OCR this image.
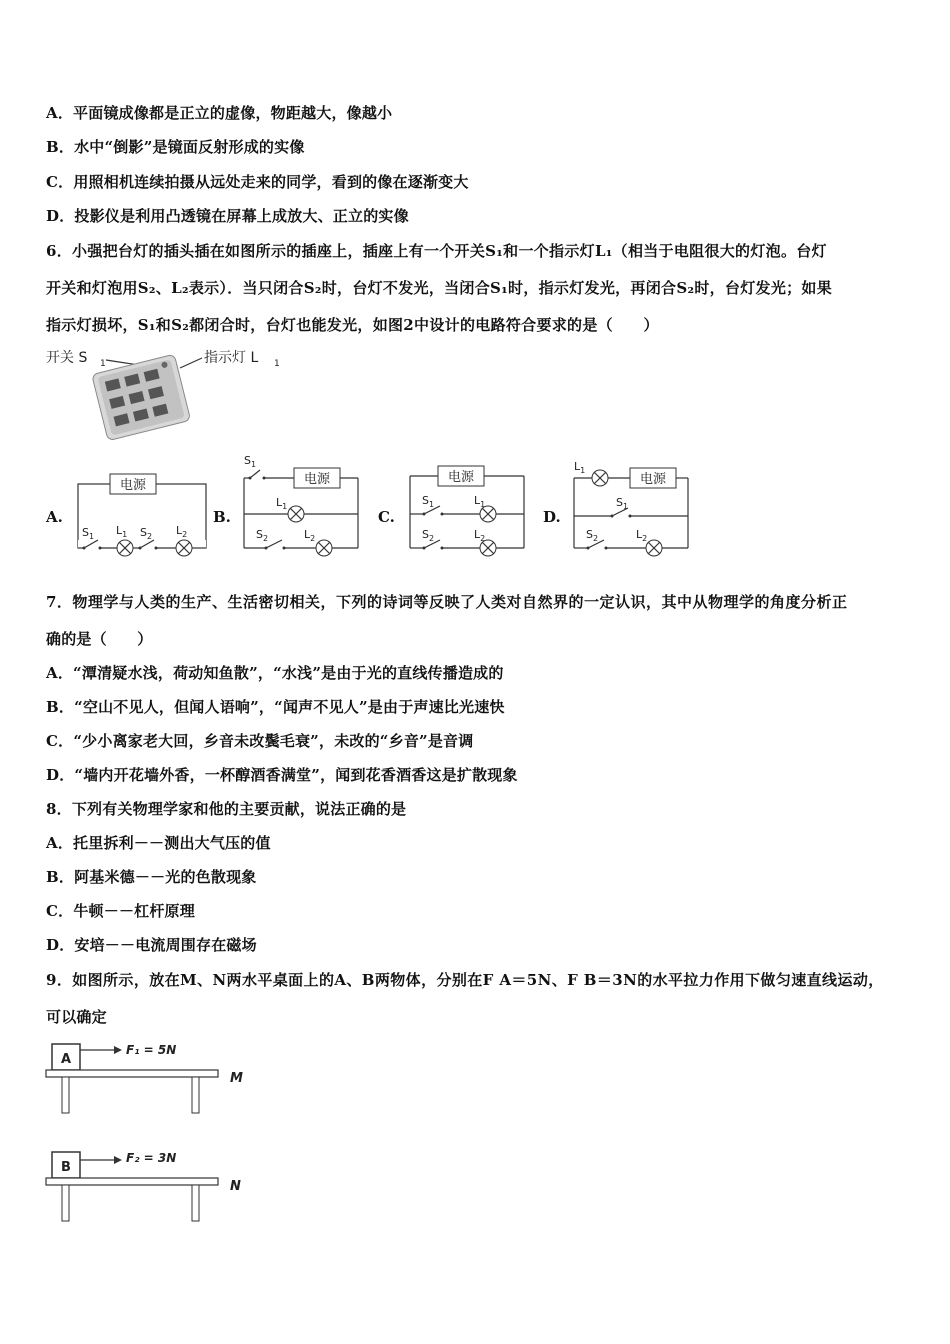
A．平面镜成像都是正立的虚像，物距越大，像越小
B．水中“倒影”是镜面反射形成的实像
C．用照相机连续拍摄从远处走来的同学，看到的像在逐渐变大
D．投影仪是利用凸透镜在屏幕上成放大、正立的实像
6．小强把台灯的插头插在如图所示的插座上，插座上有一个开关S₁和一个指示灯L₁（相当于电阻很大的灯泡。台灯
开关和灯泡用S₂、L₂表示）．当只闭合S₂时，台灯不发光，当闭合S₁时，指示灯发光，再闭合S₂时，台灯发光；如果
指示灯损坏，S₁和S₂都闭合时，台灯也能发光，如图2中设计的电路符合要求的是（　　）
开关 S 1	指示灯 L 1
A.	B.	C.	D.
电源
$S_1$ $L_1$ $S_2$ $L_2$
$S_1$
电源
$L_1$
$S_2$	$L_2$
电源
$S_1$	$L_1$
$S_2$	$L_2$
$L_1$
电源
$S_1$
$S_2$	$L_2$
7．物理学与人类的生产、生活密切相关，下列的诗词等反映了人类对自然界的一定认识，其中从物理学的角度分析正
确的是（　　）
A．“潭清疑水浅，荷动知鱼散”，“水浅”是由于光的直线传播造成的
B．“空山不见人，但闻人语响”，“闻声不见人”是由于声速比光速快
C．“少小离家老大回，乡音未改鬓毛衰”，未改的“乡音”是音调
D．“墙内开花墙外香，一杯醇酒香满堂”，闻到花香酒香这是扩散现象
8．下列有关物理学家和他的主要贡献，说法正确的是
A．托里拆利－－测出大气压的值
B．阿基米德－－光的色散现象
C．牛顿－－杠杆原理
D．安培－－电流周围存在磁场
9．如图所示，放在M、N两水平桌面上的A、B两物体，分别在F A＝5N、F B＝3N的水平拉力作用下做匀速直线运动，
可以确定
A
F₁ = 5N
M
B
F₂ = 3N
N
